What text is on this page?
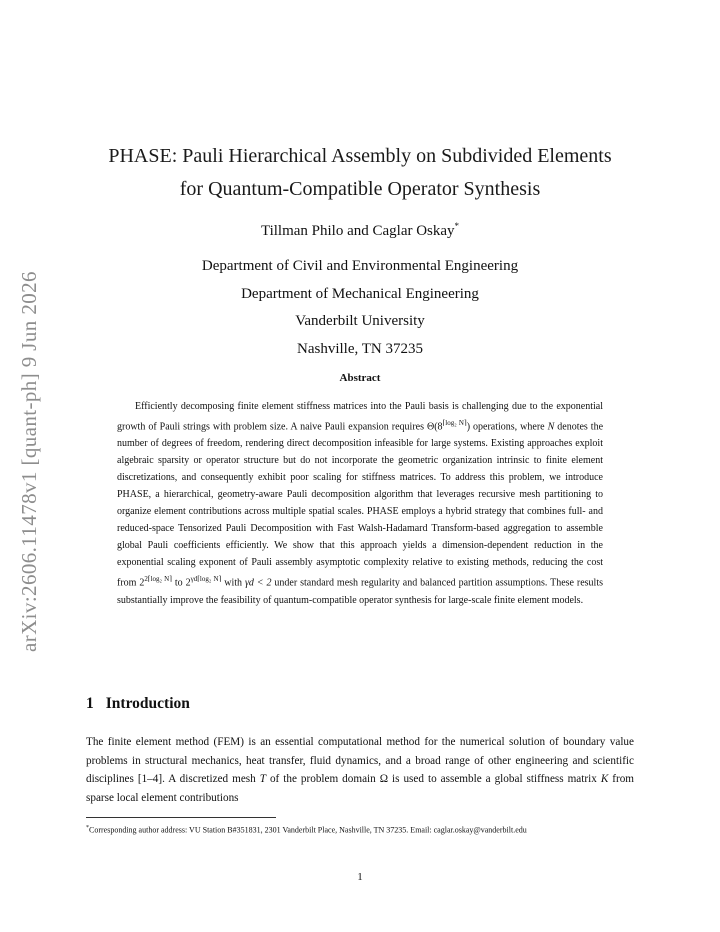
arXiv:2606.11478v1 [quant-ph] 9 Jun 2026
PHASE: Pauli Hierarchical Assembly on Subdivided Elements
for Quantum-Compatible Operator Synthesis
Tillman Philo and Caglar Oskay*
Department of Civil and Environmental Engineering
Department of Mechanical Engineering
Vanderbilt University
Nashville, TN 37235
Abstract

Efficiently decomposing finite element stiffness matrices into the Pauli basis is challenging due to the exponential growth of Pauli strings with problem size. A naive Pauli expansion requires $\Theta(8^{⌈log_2 N⌉})$ operations, where N denotes the number of degrees of freedom, rendering direct decomposition infeasible for large systems. Existing approaches exploit algebraic sparsity or operator structure but do not incorporate the geometric organization intrinsic to finite element discretizations, and consequently exhibit poor scaling for stiffness matrices. To address this problem, we introduce PHASE, a hierarchical, geometry-aware Pauli decomposition algorithm that leverages recursive mesh partitioning to organize element contributions across multiple spatial scales. PHASE employs a hybrid strategy that combines full- and reduced-space Tensorized Pauli Decomposition with Fast Walsh-Hadamard Transform-based aggregation to assemble global Pauli coefficients efficiently. We show that this approach yields a dimension-dependent reduction in the exponential scaling exponent of Pauli assembly asymptotic complexity relative to existing methods, reducing the cost from $2^{2⌈log_2 N⌉}$ to $2^{\gamma d⌈log_2 N⌉}$ with γd < 2 under standard mesh regularity and balanced partition assumptions. These results substantially improve the feasibility of quantum-compatible operator synthesis for large-scale finite element models.

1 Introduction

The finite element method (FEM) is an essential computational method for the numerical solution of boundary value problems in structural mechanics, heat transfer, fluid dynamics, and a broad range of other engineering and scientific disciplines [1–4]. A discretized mesh T of the problem domain Ω is used to assemble a global stiffness matrix K from sparse local element contributions

*Corresponding author address: VU Station B#351831, 2301 Vanderbilt Place, Nashville, TN 37235. Email: caglar.oskay@vanderbilt.edu

1
